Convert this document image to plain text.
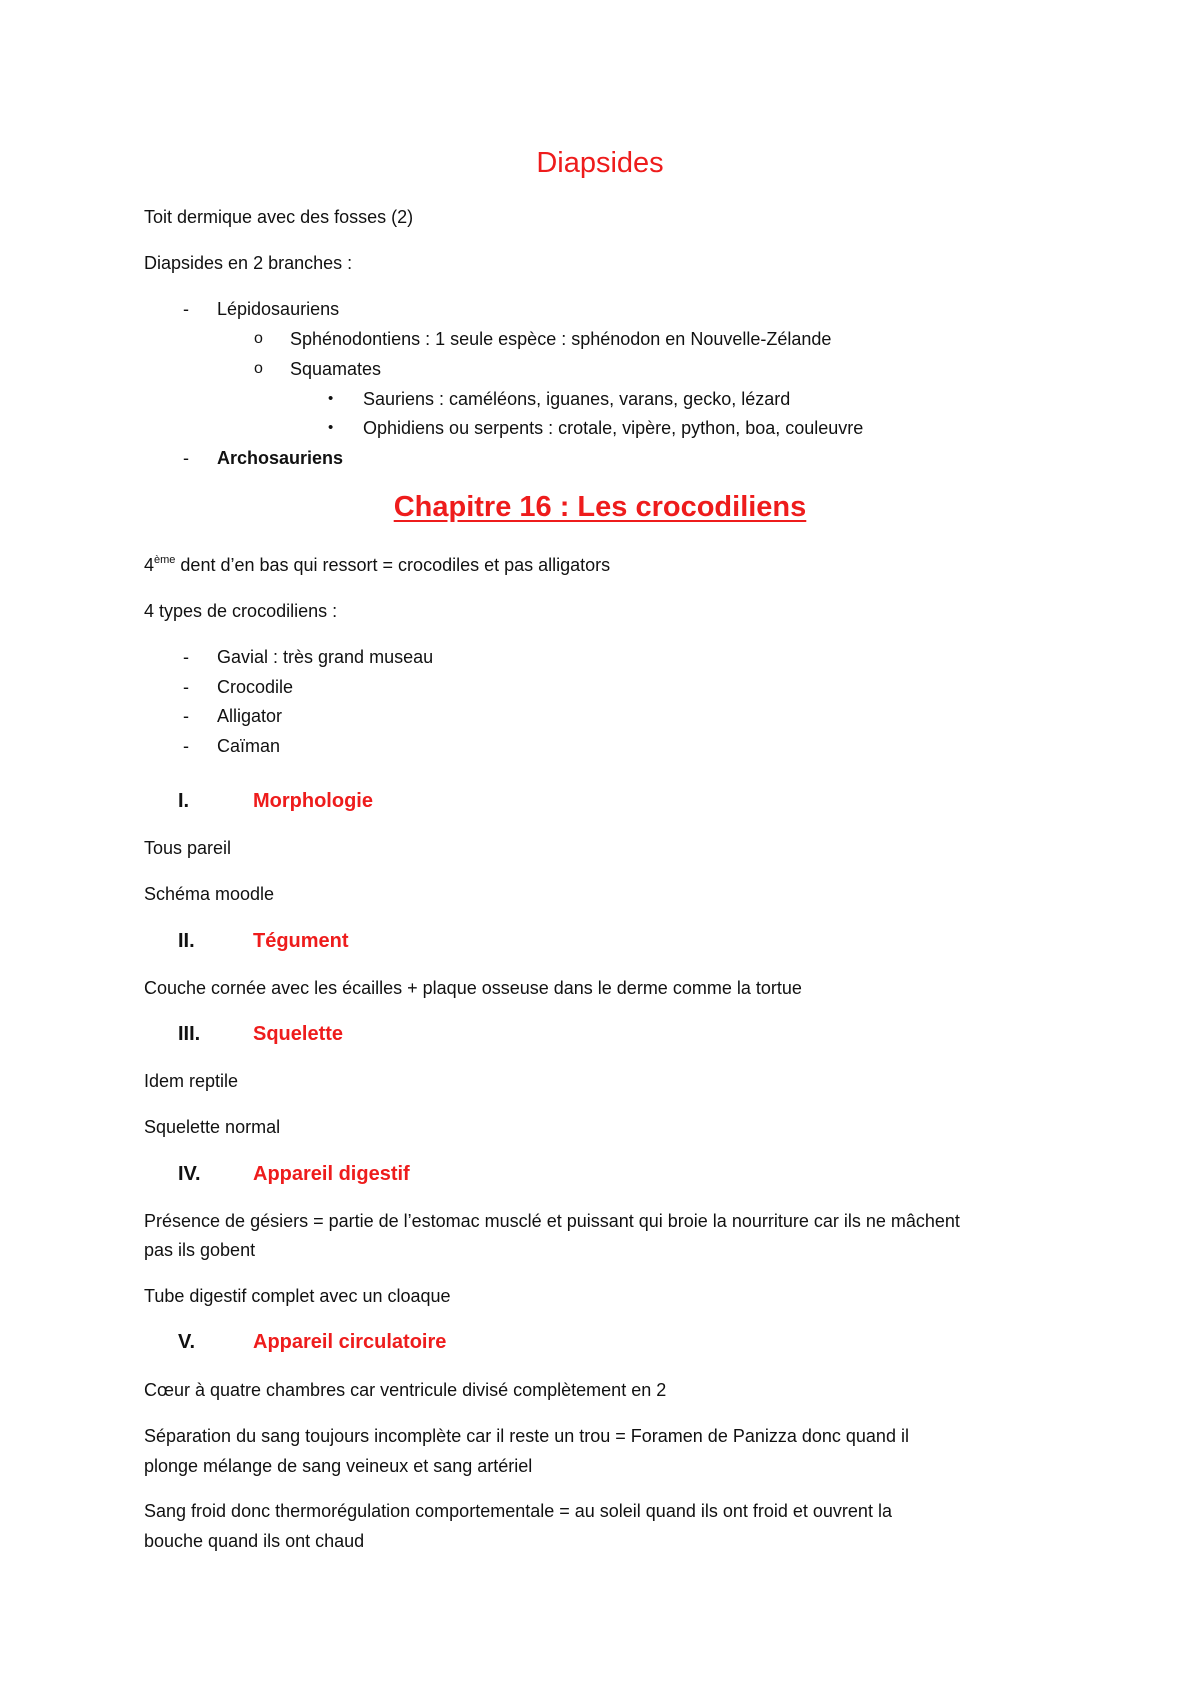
Diapsides
Toit dermique avec des fosses (2)
Diapsides en 2 branches :
- Lépidosauriens
o Sphénodontiens : 1 seule espèce : sphénodon en Nouvelle-Zélande
o Squamates
• Sauriens : caméléons, iguanes, varans, gecko, lézard
• Ophidiens ou serpents : crotale, vipère, python, boa, couleuvre
- Archosauriens
Chapitre 16 : Les crocodiliens
4ème dent d’en bas qui ressort = crocodiles et pas alligators
4 types de crocodiliens :
- Gavial : très grand museau
- Crocodile
- Alligator
- Caïman
I.	Morphologie
Tous pareil
Schéma moodle
II.	Tégument
Couche cornée avec les écailles + plaque osseuse dans le derme comme la tortue
III.	Squelette
Idem reptile
Squelette normal
IV.	Appareil digestif
Présence de gésiers = partie de l’estomac musclé et puissant qui broie la nourriture car ils ne mâchent
pas ils gobent
Tube digestif complet avec un cloaque
V.	Appareil circulatoire
Cœur à quatre chambres car ventricule divisé complètement en 2
Séparation du sang toujours incomplète car il reste un trou = Foramen de Panizza donc quand il
plonge mélange de sang veineux et sang artériel
Sang froid donc thermorégulation comportementale = au soleil quand ils ont froid et ouvrent la
bouche quand ils ont chaud
